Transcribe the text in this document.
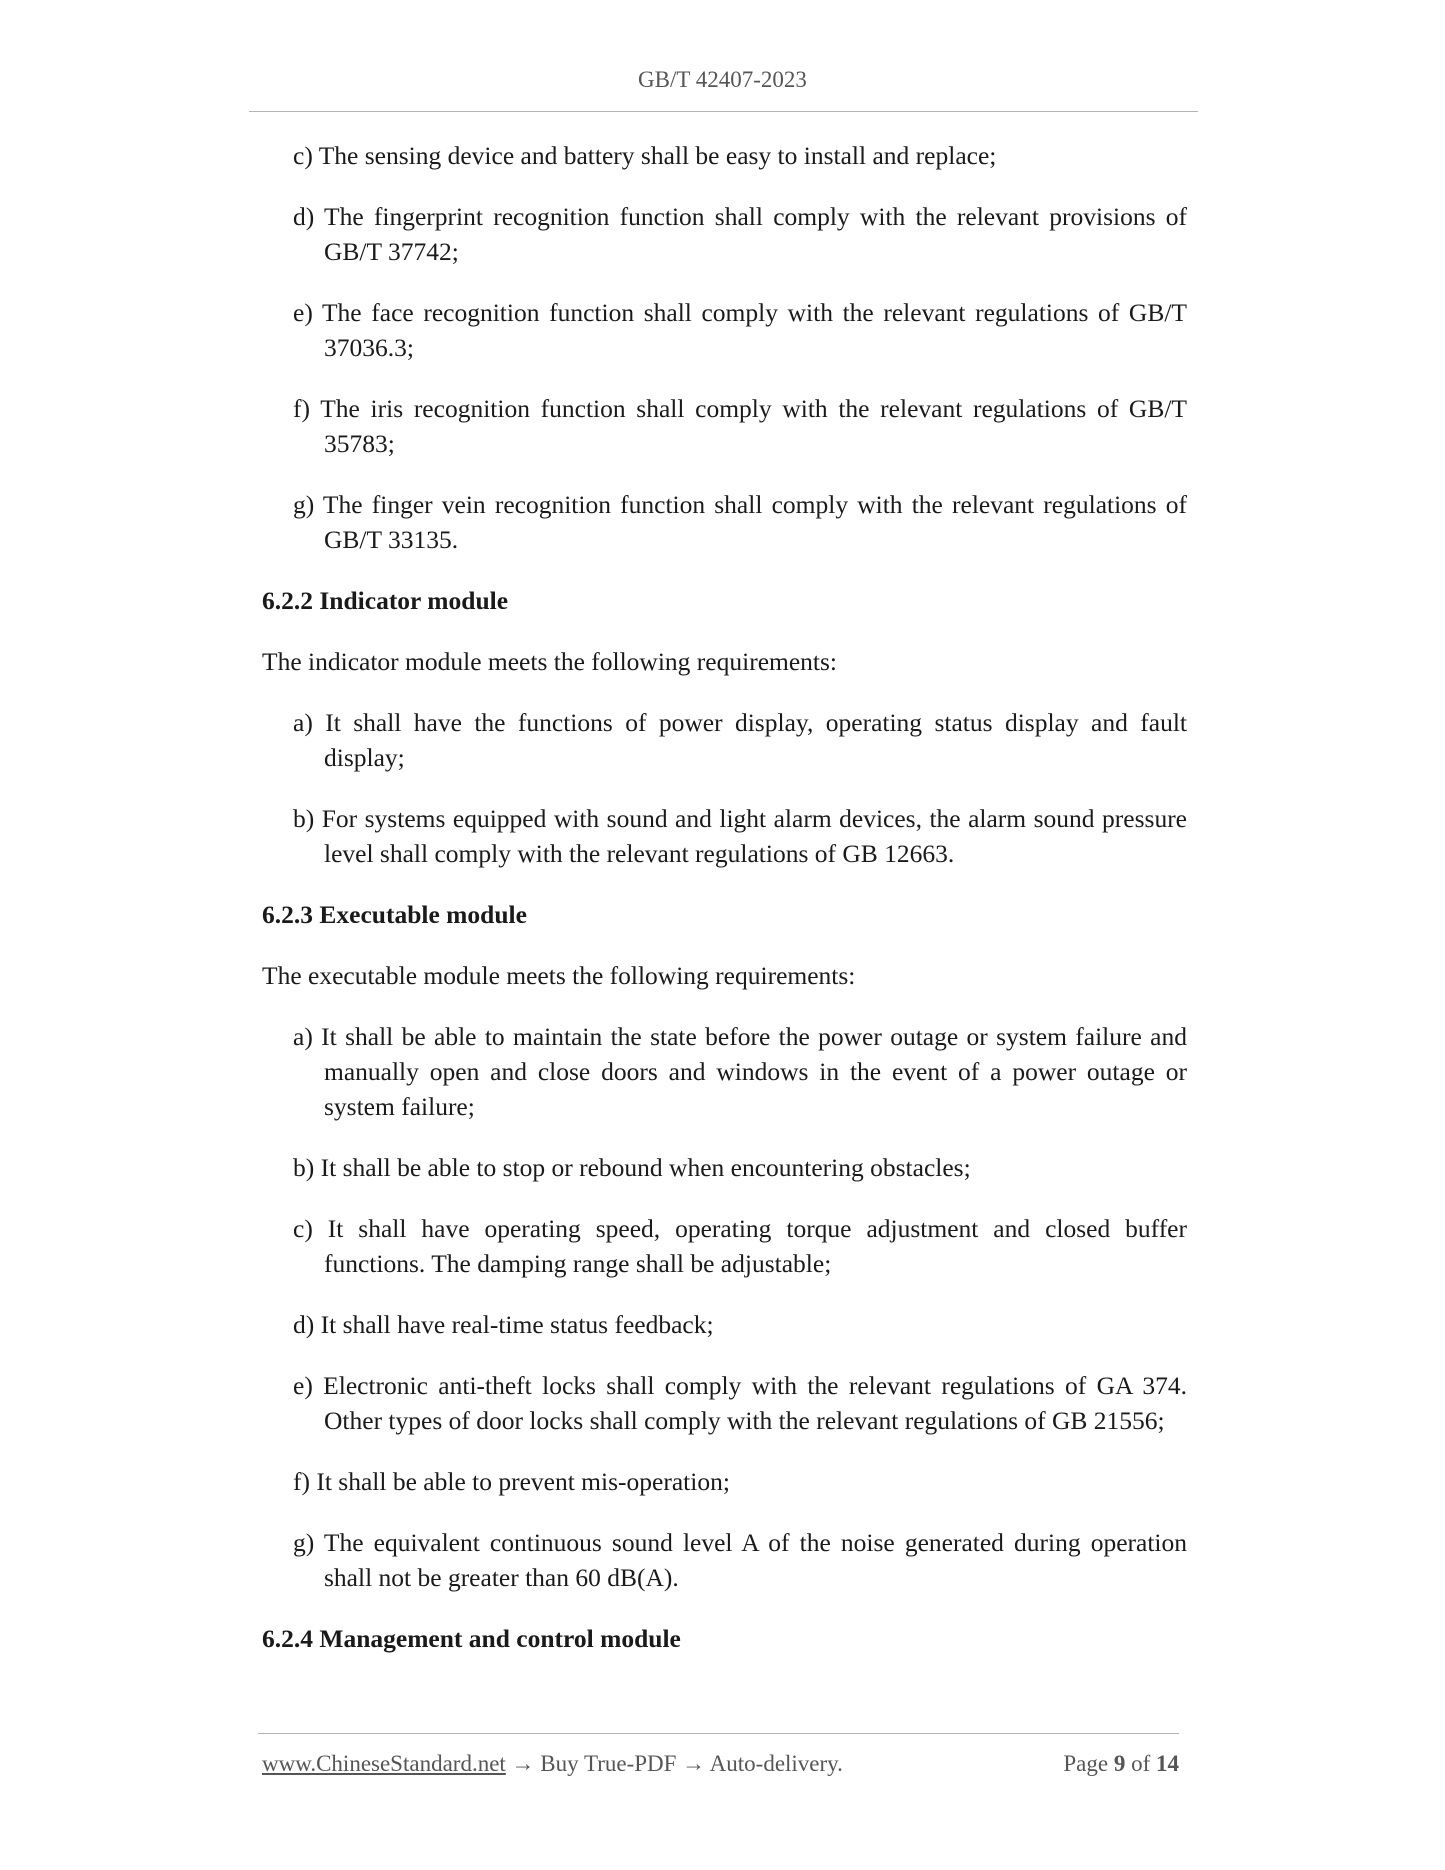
GB/T 42407-2023
c) The sensing device and battery shall be easy to install and replace;
d) The fingerprint recognition function shall comply with the relevant provisions of GB/T 37742;
e) The face recognition function shall comply with the relevant regulations of GB/T 37036.3;
f) The iris recognition function shall comply with the relevant regulations of GB/T 35783;
g) The finger vein recognition function shall comply with the relevant regulations of GB/T 33135.
6.2.2 Indicator module
The indicator module meets the following requirements:
a) It shall have the functions of power display, operating status display and fault display;
b) For systems equipped with sound and light alarm devices, the alarm sound pressure level shall comply with the relevant regulations of GB 12663.
6.2.3 Executable module
The executable module meets the following requirements:
a) It shall be able to maintain the state before the power outage or system failure and manually open and close doors and windows in the event of a power outage or system failure;
b) It shall be able to stop or rebound when encountering obstacles;
c) It shall have operating speed, operating torque adjustment and closed buffer functions. The damping range shall be adjustable;
d) It shall have real-time status feedback;
e) Electronic anti-theft locks shall comply with the relevant regulations of GA 374. Other types of door locks shall comply with the relevant regulations of GB 21556;
f) It shall be able to prevent mis-operation;
g) The equivalent continuous sound level A of the noise generated during operation shall not be greater than 60 dB(A).
6.2.4 Management and control module
www.ChineseStandard.net → Buy True-PDF → Auto-delivery.	Page 9 of 14
